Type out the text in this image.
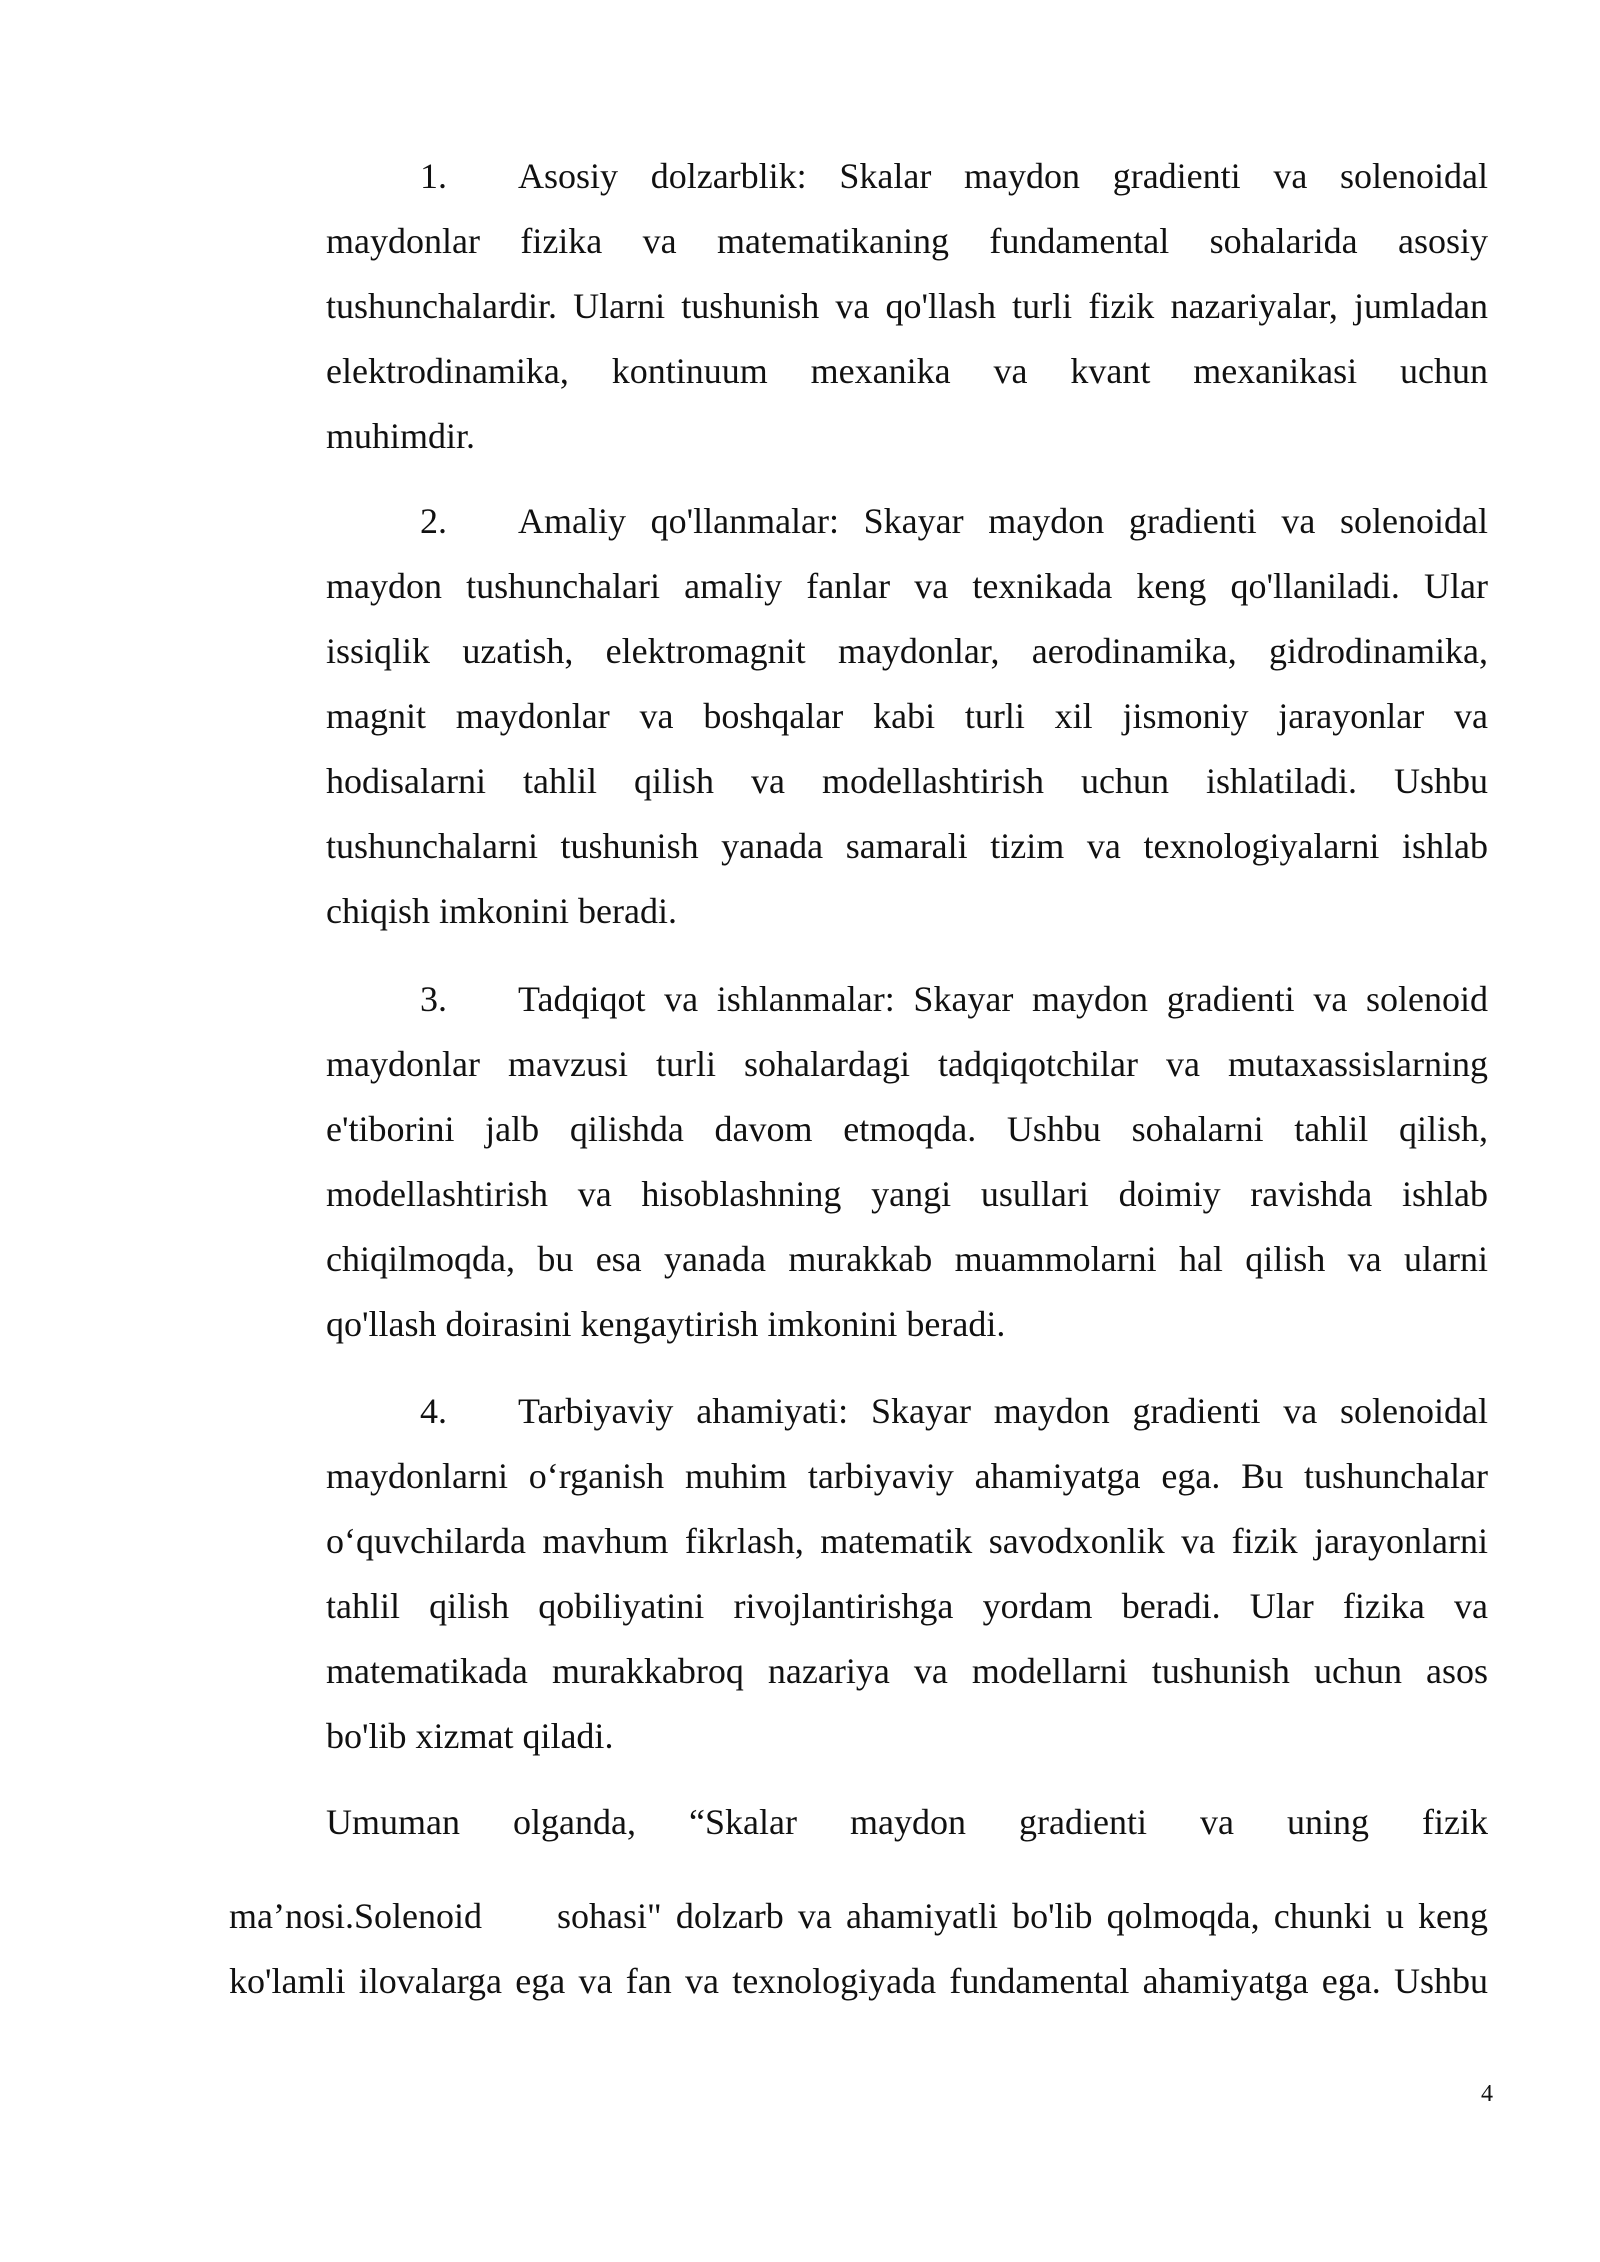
1. Asosiy dolzarblik: Skalar maydon gradienti va solenoidal
maydonlar fizika va matematikaning fundamental sohalarida asosiy
tushunchalardir. Ularni tushunish va qo'llash turli fizik nazariyalar, jumladan
elektrodinamika, kontinuum mexanika va kvant mexanikasi uchun
muhimdir.
2. Amaliy qo'llanmalar: Skayar maydon gradienti va solenoidal
maydon tushunchalari amaliy fanlar va texnikada keng qo'llaniladi. Ular
issiqlik uzatish, elektromagnit maydonlar, aerodinamika, gidrodinamika,
magnit maydonlar va boshqalar kabi turli xil jismoniy jarayonlar va
hodisalarni tahlil qilish va modellashtirish uchun ishlatiladi. Ushbu
tushunchalarni tushunish yanada samarali tizim va texnologiyalarni ishlab
chiqish imkonini beradi.
3. Tadqiqot va ishlanmalar: Skayar maydon gradienti va solenoid
maydonlar mavzusi turli sohalardagi tadqiqotchilar va mutaxassislarning
e'tiborini jalb qilishda davom etmoqda. Ushbu sohalarni tahlil qilish,
modellashtirish va hisoblashning yangi usullari doimiy ravishda ishlab
chiqilmoqda, bu esa yanada murakkab muammolarni hal qilish va ularni
qo'llash doirasini kengaytirish imkonini beradi.
4. Tarbiyaviy ahamiyati: Skayar maydon gradienti va solenoidal
maydonlarni o‘rganish muhim tarbiyaviy ahamiyatga ega. Bu tushunchalar
o‘quvchilarda mavhum fikrlash, matematik savodxonlik va fizik jarayonlarni
tahlil qilish qobiliyatini rivojlantirishga yordam beradi. Ular fizika va
matematikada murakkabroq nazariya va modellarni tushunish uchun asos
bo'lib xizmat qiladi.
Umuman olganda, “Skalar maydon gradienti va uning fizik
ma’nosi.Solenoid sohasi" dolzarb va ahamiyatli bo'lib qolmoqda, chunki u keng
ko'lamli ilovalarga ega va fan va texnologiyada fundamental ahamiyatga ega. Ushbu
4
